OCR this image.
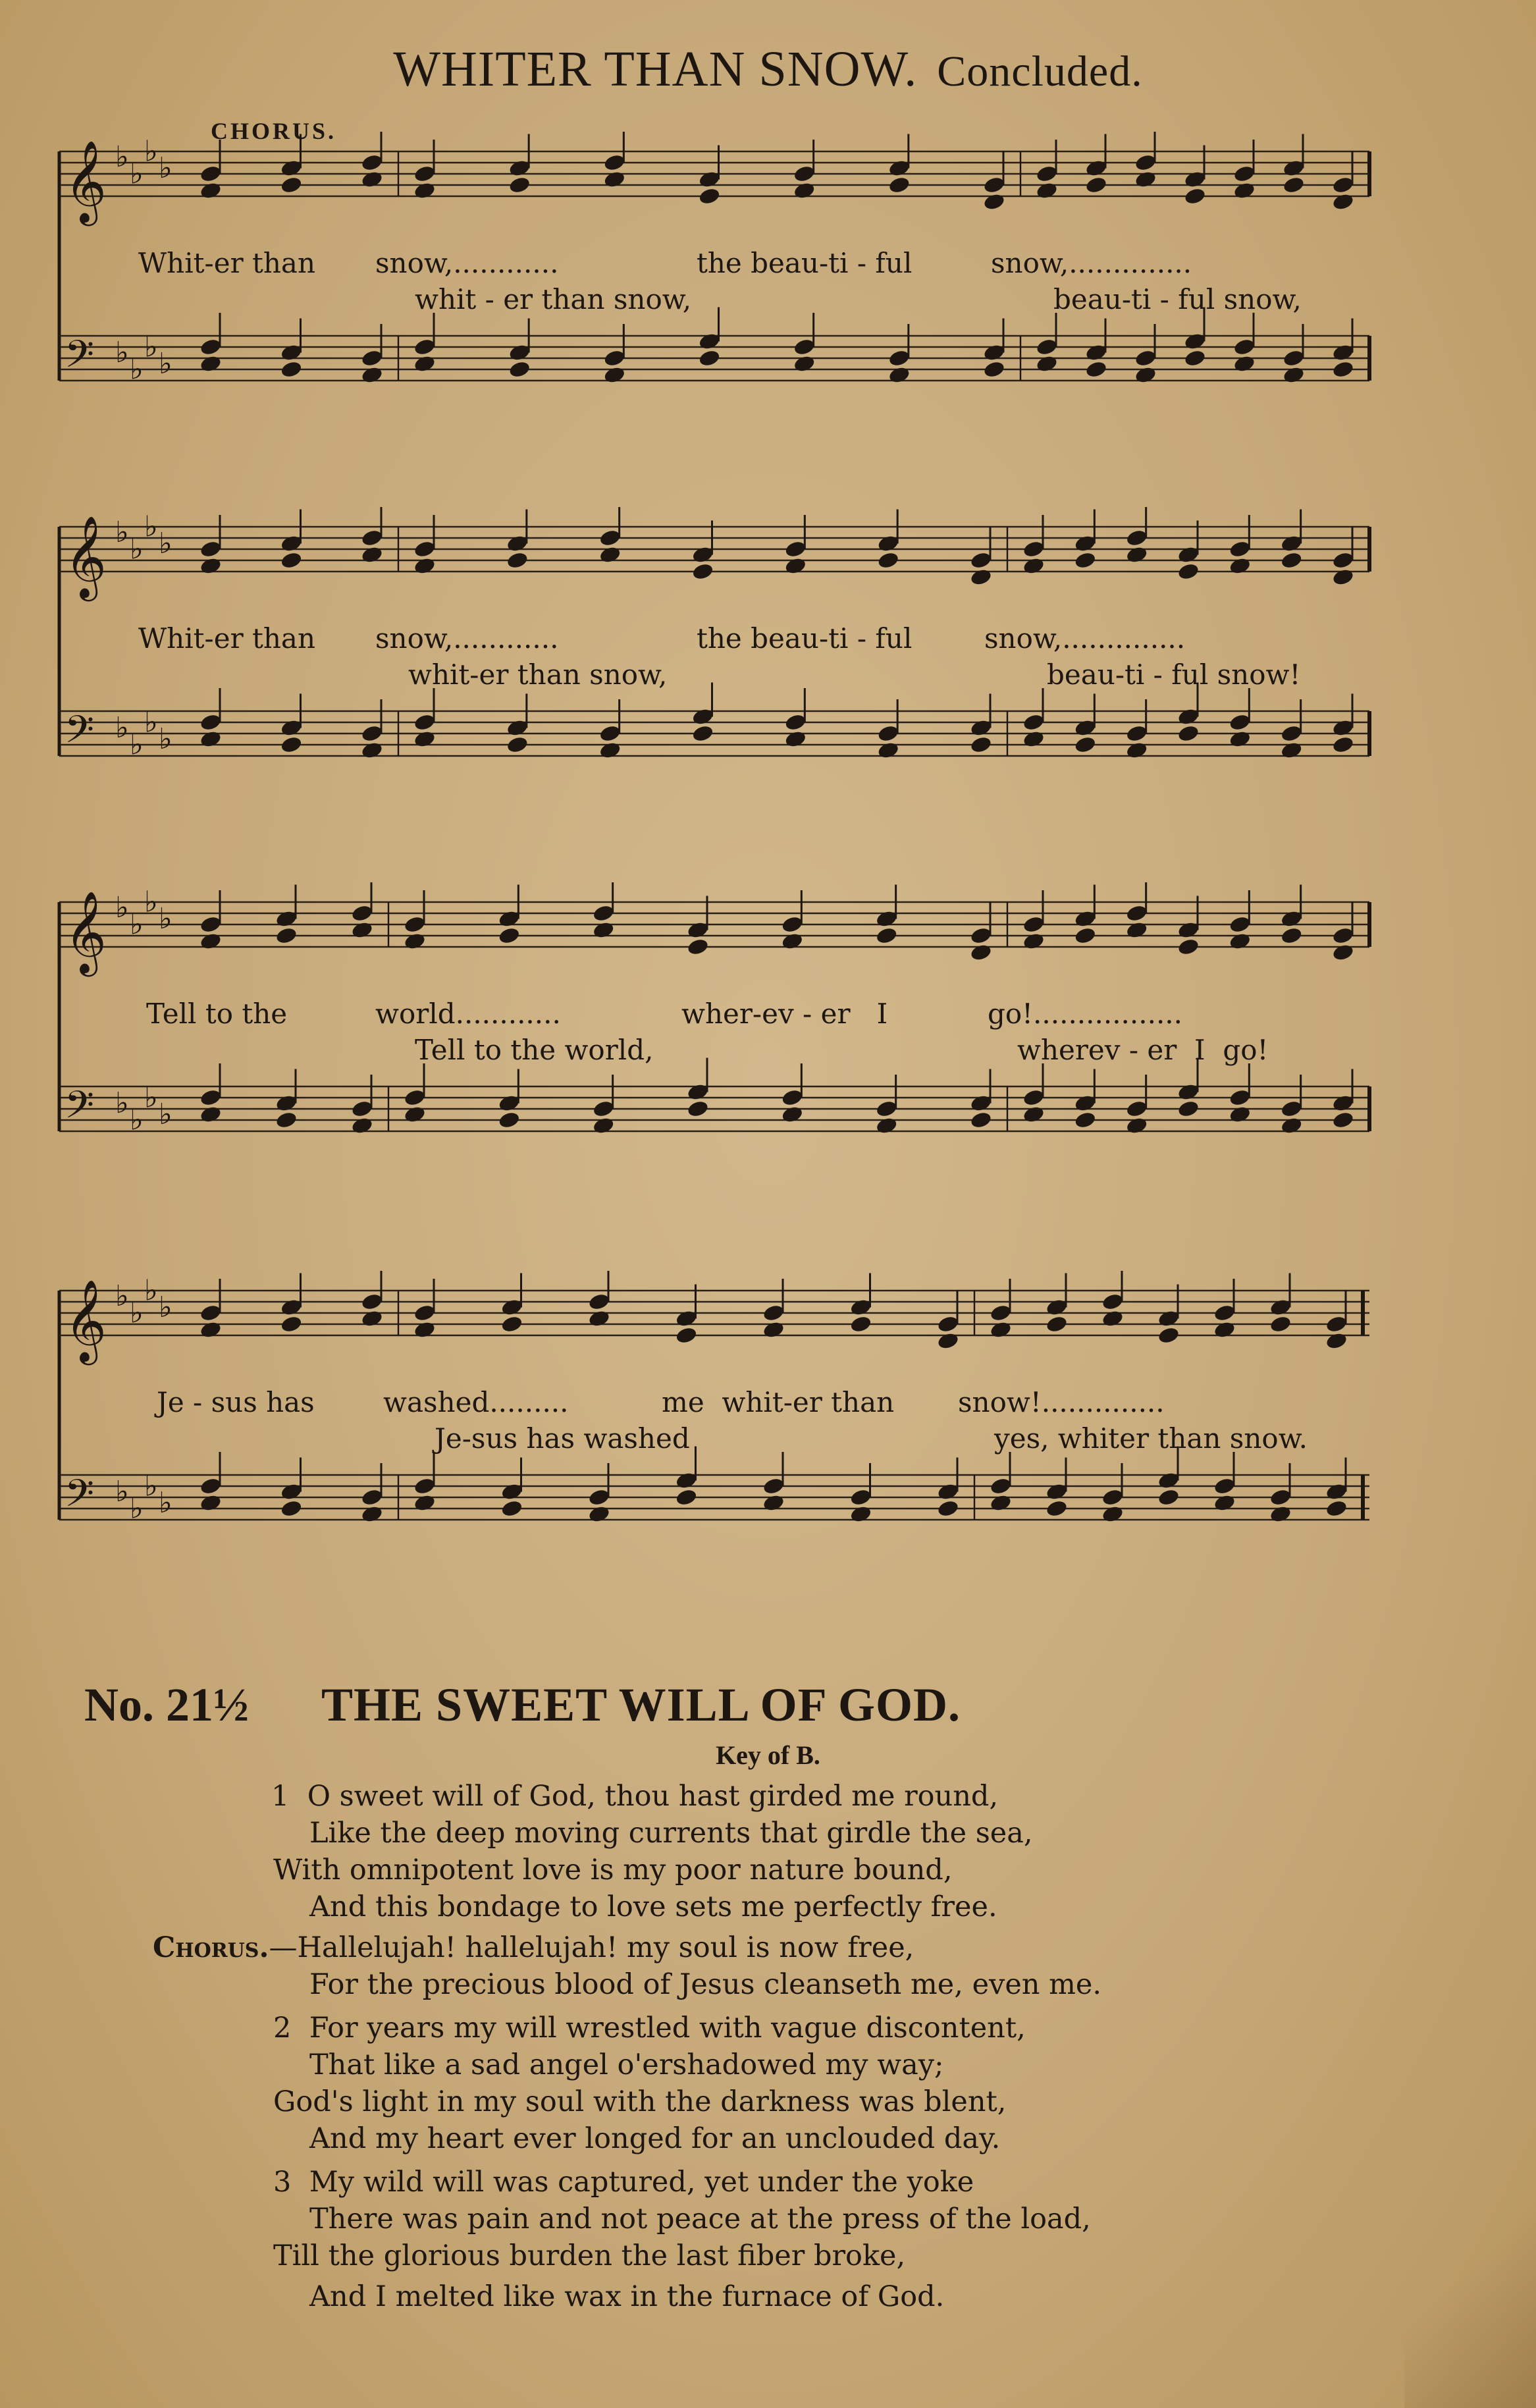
WHITER THAN SNOW. Concluded.
CHORUS.
𝄞 ♭ ♭
♭ ♭
𝄢 ♭ ♭
♭ ♭
Whit-er than snow,............	the beau-ti - ful	snow,..............
whit - er than snow,	beau-ti - ful snow,
𝄞 ♭ ♭
♭ ♭
𝄢 ♭ ♭
♭ ♭
Whit-er than snow,............	the beau-ti - ful	snow,..............
whit-er than snow,	beau-ti - ful snow!
𝄞 ♭ ♭
♭ ♭
𝄢 ♭ ♭
♭ ♭
Tell to the	world............	wher-ev - er   I	go!.................
Tell to the world,	wherev - er  I  go!
𝄞 ♭ ♭
♭ ♭
𝄢 ♭ ♭
♭ ♭
Je - sus has washed.........	me  whit-er than snow!..............
Je-sus has washed	yes, whiter than snow.
No. 21½ THE SWEET WILL OF GOD.
Key of B.
1  O sweet will of God, thou hast girded me round,
Like the deep moving currents that girdle the sea,
With omnipotent love is my poor nature bound,
And this bondage to love sets me perfectly free.
Chorus.—Hallelujah! hallelujah! my soul is now free,
For the precious blood of Jesus cleanseth me, even me.
2  For years my will wrestled with vague discontent,
That like a sad angel o'ershadowed my way;
God's light in my soul with the darkness was blent,
And my heart ever longed for an unclouded day.
3  My wild will was captured, yet under the yoke
There was pain and not peace at the press of the load,
Till the glorious burden the last fiber broke,
And I melted like wax in the furnace of God.
